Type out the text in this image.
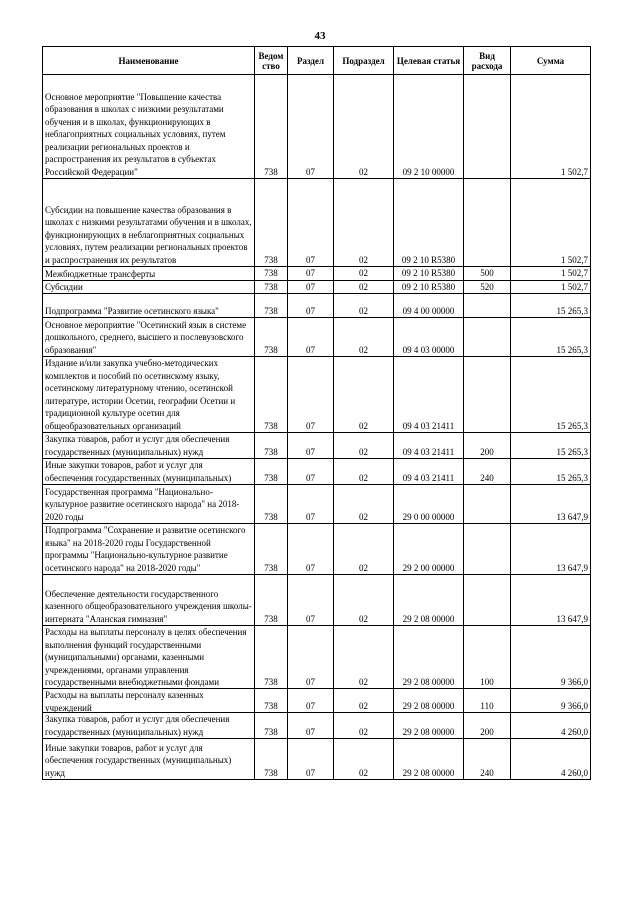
43
Наименование	Ведом ство	Раздел	Подраздел	Целевая статья	Вид расхода	Сумма

Основное мероприятие "Повышение качества образования в школах с низкими результатами обучения и в школах, функционирующих в неблагоприятных социальных условиях, путем реализации региональных проектов и распространения их результатов в субъектах Российской Федерации"	738	07	02	09 2 10 00000		1 502,7

Субсидии на повышение качества образования в школах с низкими результатами обучения и в школах, функционирующих в неблагоприятных социальных условиях, путем реализации региональных проектов и распространения их результатов	738	07	02	09 2 10 R5380		1 502,7

Межбюджетные трансферты	738	07	02	09 2 10 R5380	500	1 502,7

Субсидии	738	07	02	09 2 10 R5380	520	1 502,7

Подпрограмма "Развитие осетинского языка"	738	07	02	09 4 00 00000		15 265,3

Основное мероприятие "Осетинский язык в системе дошкольного, среднего, высшего и послевузовского образования"	738	07	02	09 4 03 00000		15 265,3

Издание и/или закупка учебно-методических комплектов и пособий по осетинскому языку, осетинскому литературному чтению, осетинской литературе, истории Осетии, географии Осетии и традиционной культуре осетин для общеобразовательных организаций	738	07	02	09 4 03 21411		15 265,3

Закупка товаров, работ и услуг для обеспечения государственных (муниципальных) нужд	738	07	02	09 4 03 21411	200	15 265,3

Иные закупки товаров, работ и услуг для обеспечения государственных (муниципальных)	738	07	02	09 4 03 21411	240	15 265,3

Государственная программа "Национально-культурное развитие осетинского народа" на 2018-2020 годы	738	07	02	29 0 00 00000		13 647,9

Подпрограмма "Сохранение и развитие осетинского языка" на 2018-2020 годы Государственной программы "Национально-культурное развитие осетинского народа" на 2018-2020 годы"	738	07	02	29 2 00 00000		13 647,9

Обеспечение деятельности государственного казенного общеобразовательного учреждения школы-интерната "Аланская гимназия"	738	07	02	29 2 08 00000		13 647,9

Расходы на выплаты персоналу в целях обеспечения выполнения функций государственными (муниципальными) органами, казенными учреждениями, органами управления государственными внебюджетными фондами	738	07	02	29 2 08 00000	100	9 366,0

Расходы на выплаты персоналу казенных учреждений	738	07	02	29 2 08 00000	110	9 366,0

Закупка товаров, работ и услуг для обеспечения государственных (муниципальных) нужд	738	07	02	29 2 08 00000	200	4 260,0

Иные закупки товаров, работ и услуг для обеспечения государственных (муниципальных) нужд	738	07	02	29 2 08 00000	240	4 260,0
